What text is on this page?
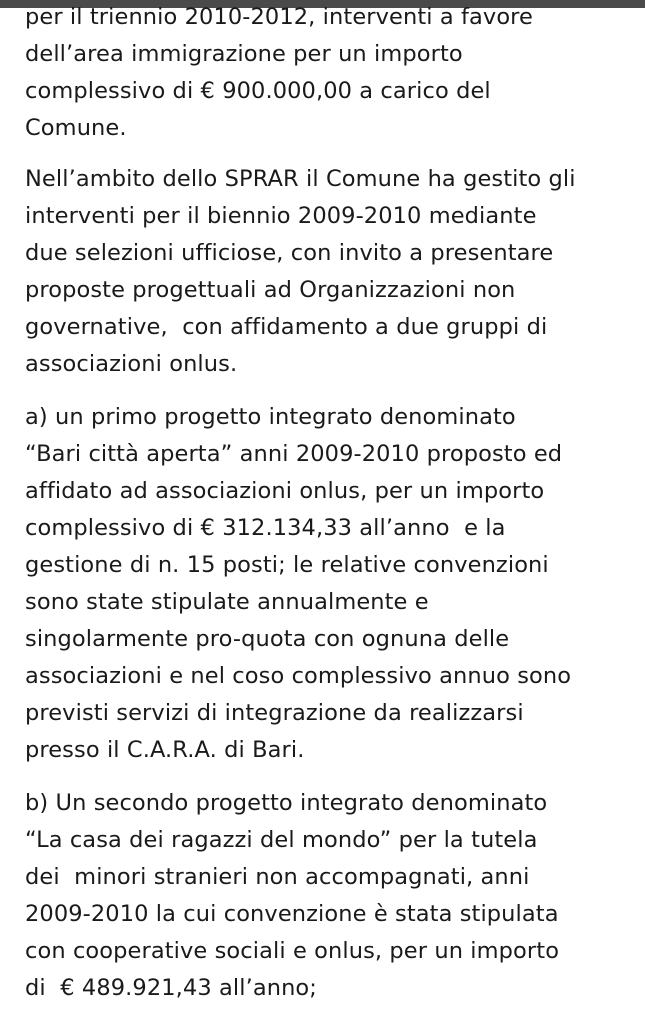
per il triennio 2010-2012, interventi a favore
dell’area immigrazione per un importo
complessivo di € 900.000,00 a carico del
Comune.
Nell’ambito dello SPRAR il Comune ha gestito gli
interventi per il biennio 2009-2010 mediante
due selezioni ufficiose, con invito a presentare
proposte progettuali ad Organizzazioni non
governative,  con affidamento a due gruppi di
associazioni onlus.
a) un primo progetto integrato denominato
“Bari città aperta” anni 2009-2010 proposto ed
affidato ad associazioni onlus, per un importo
complessivo di € 312.134,33 all’anno  e la
gestione di n. 15 posti; le relative convenzioni
sono state stipulate annualmente e
singolarmente pro-quota con ognuna delle
associazioni e nel coso complessivo annuo sono
previsti servizi di integrazione da realizzarsi
presso il C.A.R.A. di Bari.
b) Un secondo progetto integrato denominato
“La casa dei ragazzi del mondo” per la tutela
dei  minori stranieri non accompagnati, anni
2009-2010 la cui convenzione è stata stipulata
con cooperative sociali e onlus, per un importo
di  € 489.921,43 all’anno;
